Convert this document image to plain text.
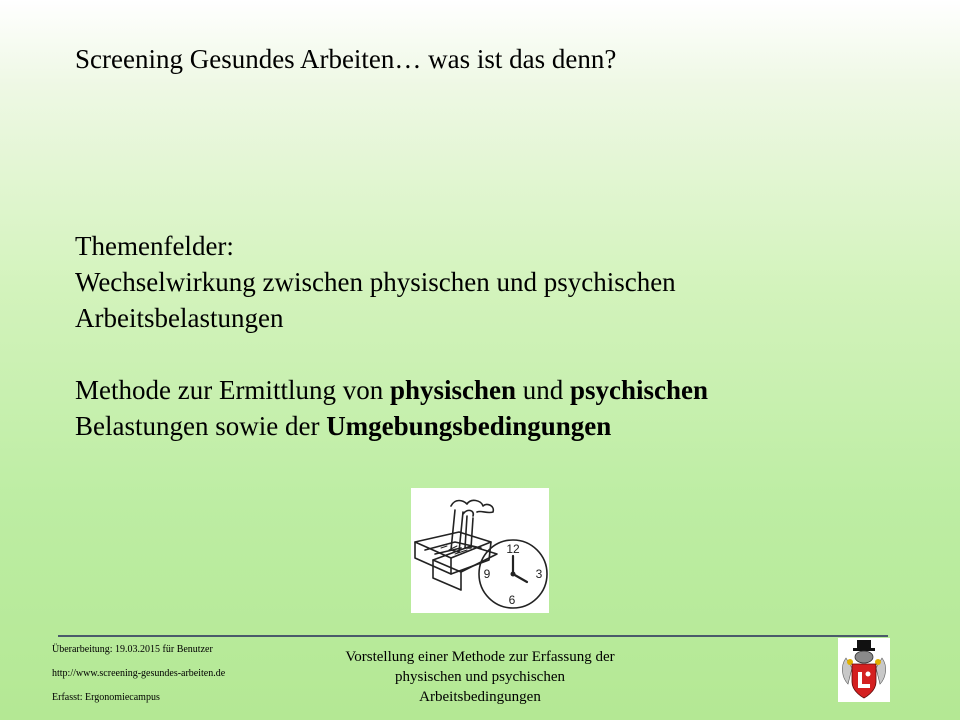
Screening Gesundes Arbeiten… was ist das denn?
Themenfelder:
Wechselwirkung zwischen physischen und psychischen
Arbeitsbelastungen
Methode zur Ermittlung von physischen und psychischen
Belastungen sowie der Umgebungsbedingungen
12
3
6
9
Überarbeitung: 19.03.2015 für Benutzer
http://www.screening-gesundes-arbeiten.de
Erfasst: Ergonomiecampus
Vorstellung einer Methode zur Erfassung der
physischen und psychischen
Arbeitsbedingungen
